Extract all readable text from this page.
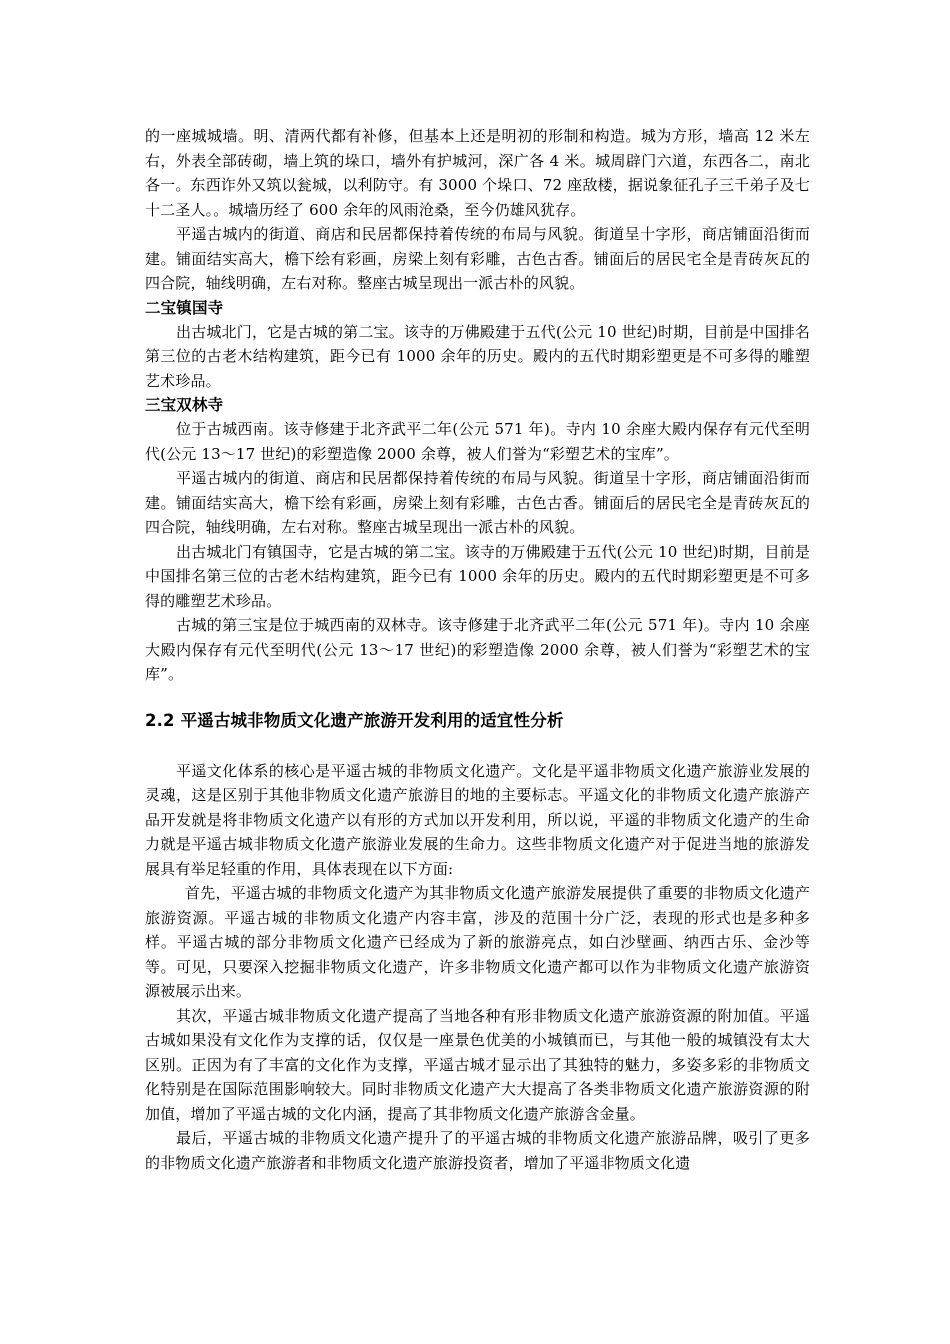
的一座城城墙。明、清两代都有补修，但基本上还是明初的形制和构造。城为方形，墙高 12 米左右，外表全部砖砌，墙上筑的垛口，墙外有护城河，深广各 4 米。城周辟门六道，东西各二，南北各一。东西诈外又筑以瓮城，以利防守。有 3000 个垛口、72 座敌楼，据说象征孔子三千弟子及七十二圣人。。城墙历经了 600 余年的风雨沧桑，至今仍雄风犹存。

平遥古城内的街道、商店和民居都保持着传统的布局与风貌。街道呈十字形，商店铺面沿街而建。铺面结实高大，檐下绘有彩画，房梁上刻有彩雕，古色古香。铺面后的居民宅全是青砖灰瓦的四合院，轴线明确，左右对称。整座古城呈现出一派古朴的风貌。

二宝镇国寺

出古城北门，它是古城的第二宝。该寺的万佛殿建于五代(公元 10 世纪)时期，目前是中国排名第三位的古老木结构建筑，距今已有 1000 余年的历史。殿内的五代时期彩塑更是不可多得的雕塑艺术珍品。

三宝双林寺

位于古城西南。该寺修建于北齐武平二年(公元 571 年)。寺内 10 余座大殿内保存有元代至明代(公元 13～17 世纪)的彩塑造像 2000 余尊，被人们誉为“彩塑艺术的宝库”。

平遥古城内的街道、商店和民居都保持着传统的布局与风貌。街道呈十字形，商店铺面沿街而建。铺面结实高大，檐下绘有彩画，房梁上刻有彩雕，古色古香。铺面后的居民宅全是青砖灰瓦的四合院，轴线明确，左右对称。整座古城呈现出一派古朴的风貌。

出古城北门有镇国寺，它是古城的第二宝。该寺的万佛殿建于五代(公元 10 世纪)时期，目前是中国排名第三位的古老木结构建筑，距今已有 1000 余年的历史。殿内的五代时期彩塑更是不可多得的雕塑艺术珍品。

古城的第三宝是位于城西南的双林寺。该寺修建于北齐武平二年(公元 571 年)。寺内 10 余座大殿内保存有元代至明代(公元 13～17 世纪)的彩塑造像 2000 余尊，被人们誉为“彩塑艺术的宝库”。

2.2 平遥古城非物质文化遗产旅游开发利用的适宜性分析

平遥文化体系的核心是平遥古城的非物质文化遗产。文化是平遥非物质文化遗产旅游业发展的灵魂，这是区别于其他非物质文化遗产旅游目的地的主要标志。平遥文化的非物质文化遗产旅游产品开发就是将非物质文化遗产以有形的方式加以开发利用，所以说，平遥的非物质文化遗产的生命力就是平遥古城非物质文化遗产旅游业发展的生命力。这些非物质文化遗产对于促进当地的旅游发展具有举足轻重的作用，具体表现在以下方面:

首先，平遥古城的非物质文化遗产为其非物质文化遗产旅游发展提供了重要的非物质文化遗产旅游资源。平遥古城的非物质文化遗产内容丰富，涉及的范围十分广泛，表现的形式也是多种多样。平遥古城的部分非物质文化遗产已经成为了新的旅游亮点，如白沙壁画、纳西古乐、金沙等等。可见，只要深入挖掘非物质文化遗产，许多非物质文化遗产都可以作为非物质文化遗产旅游资源被展示出来。

其次，平遥古城非物质文化遗产提高了当地各种有形非物质文化遗产旅游资源的附加值。平遥古城如果没有文化作为支撑的话，仅仅是一座景色优美的小城镇而已，与其他一般的城镇没有太大区别。正因为有了丰富的文化作为支撑，平遥古城才显示出了其独特的魅力，多姿多彩的非物质文化特别是在国际范围影响较大。同时非物质文化遗产大大提高了各类非物质文化遗产旅游资源的附加值，增加了平遥古城的文化内涵，提高了其非物质文化遗产旅游含金量。

最后，平遥古城的非物质文化遗产提升了的平遥古城的非物质文化遗产旅游品牌，吸引了更多的非物质文化遗产旅游者和非物质文化遗产旅游投资者，增加了平遥非物质文化遗
